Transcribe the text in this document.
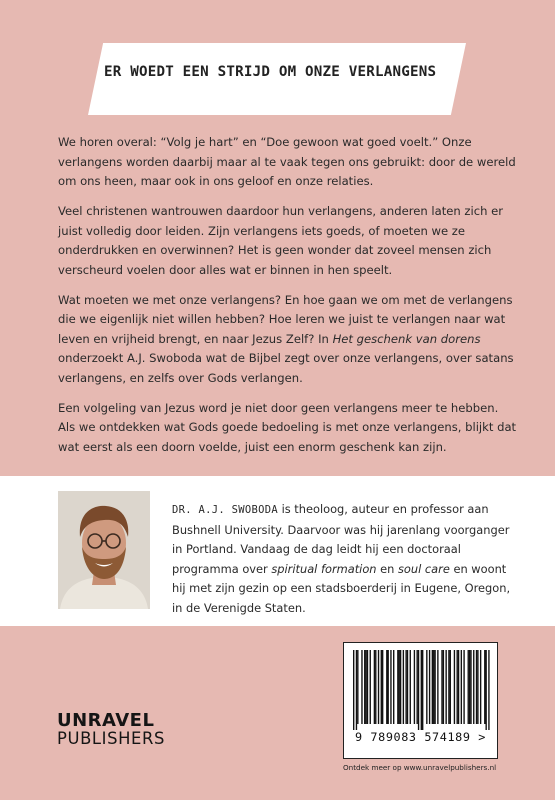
ER WOEDT EEN STRIJD OM ONZE VERLANGENS

We horen overal: “Volg je hart” en “Doe gewoon wat goed voelt.” Onze verlangens worden daarbij maar al te vaak tegen ons gebruikt: door de wereld om ons heen, maar ook in ons geloof en onze relaties.

Veel christenen wantrouwen daardoor hun verlangens, anderen laten zich er juist volledig door leiden. Zijn verlangens iets goeds, of moeten we ze onderdrukken en overwinnen? Het is geen wonder dat zoveel mensen zich verscheurd voelen door alles wat er binnen in hen speelt.

Wat moeten we met onze verlangens? En hoe gaan we om met de verlangens die we eigenlijk niet willen hebben? Hoe leren we juist te verlangen naar wat leven en vrijheid brengt, en naar Jezus Zelf? In Het geschenk van dorens onderzoekt A.J. Swoboda wat de Bijbel zegt over onze verlangens, over satans verlangens, en zelfs over Gods verlangen.

Een volgeling van Jezus word je niet door geen verlangens meer te hebben. Als we ontdekken wat Gods goede bedoeling is met onze verlangens, blijkt dat wat eerst als een doorn voelde, juist een enorm geschenk kan zijn.

DR. A.J. SWOBODA is theoloog, auteur en professor aan Bushnell University. Daarvoor was hij jarenlang voorganger in Portland. Vandaag de dag leidt hij een doctoraal programma over spiritual formation en soul care en woont hij met zijn gezin op een stadsboerderij in Eugene, Oregon, in de Verenigde Staten.
UNRAVEL
PUBLISHERS	9 789083 574189 >
Ontdek meer op www.unravelpublishers.nl
